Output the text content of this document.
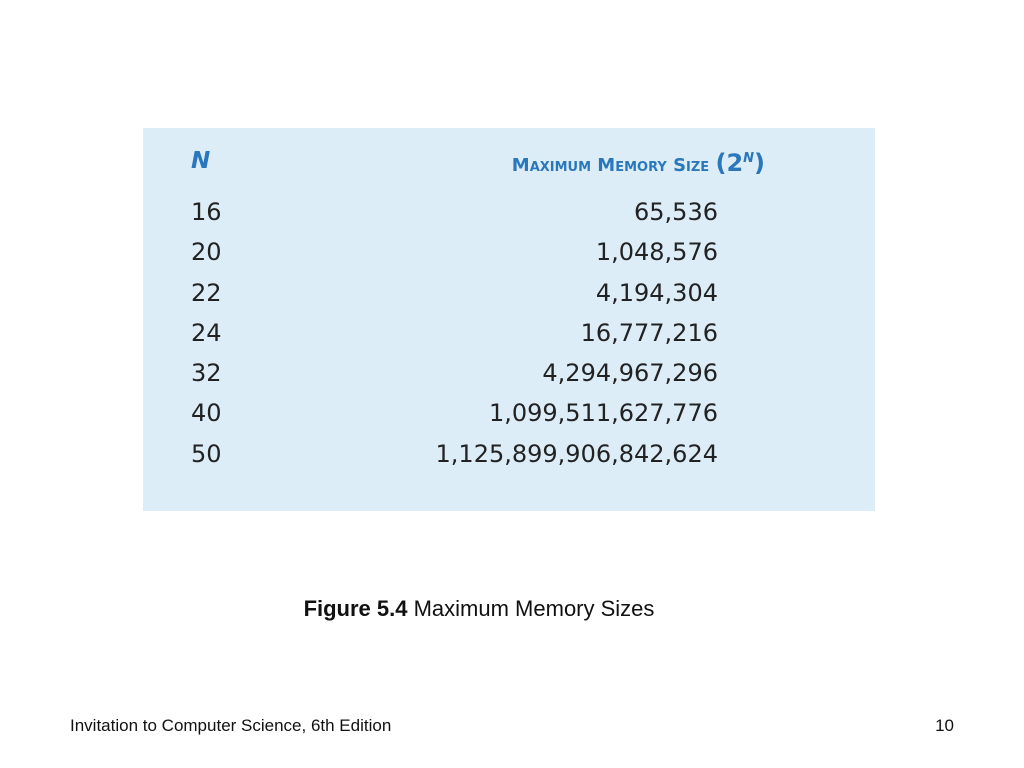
N	Maximum Memory Size $(2^N)$
16	65,536
20	1,048,576
22	4,194,304
24	16,777,216
32	4,294,967,296
40	1,099,511,627,776
50	1,125,899,906,842,624
Figure 5.4 Maximum Memory Sizes
Invitation to Computer Science, 6th Edition	10
